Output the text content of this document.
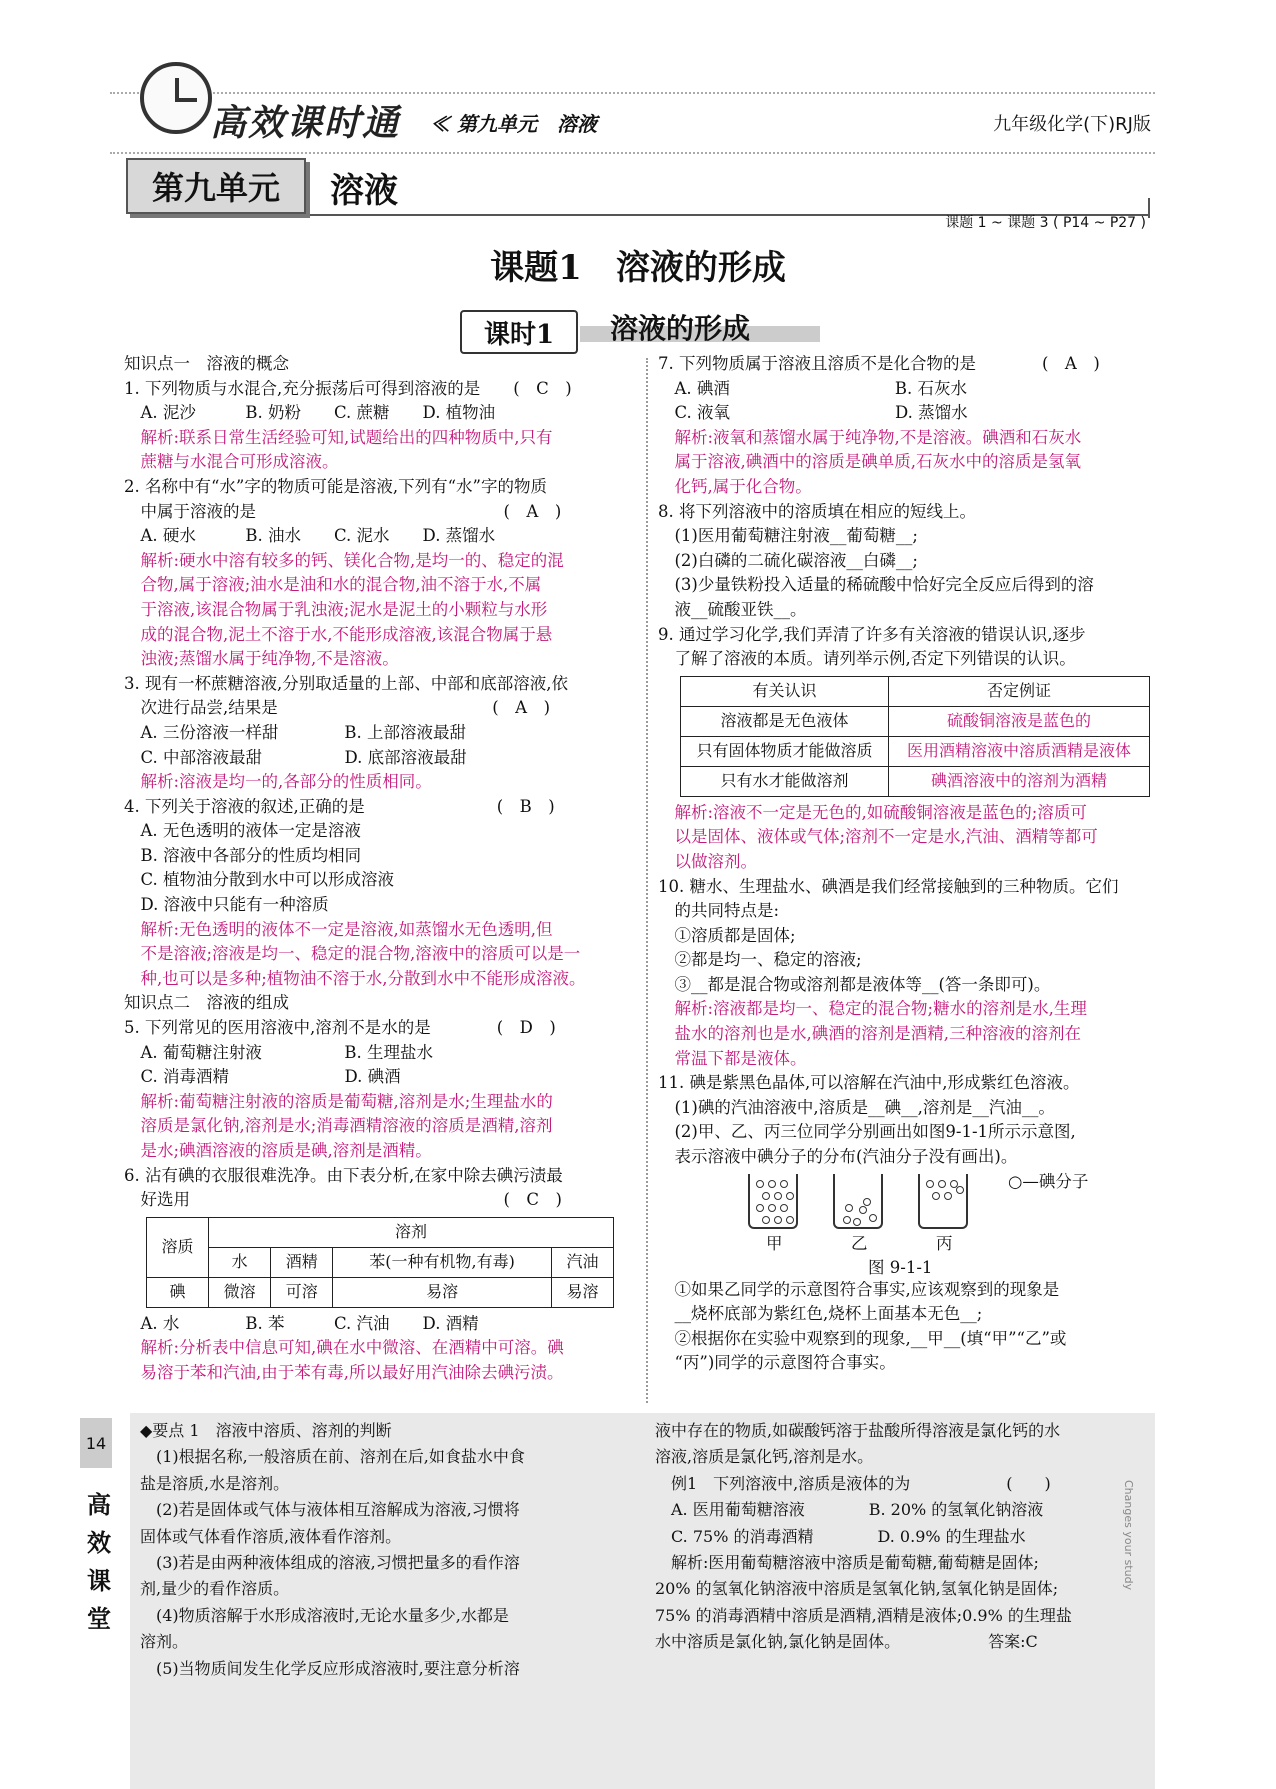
高效课时通 ≪ 第九单元　溶液	九年级化学(下)RJ版
第九单元	溶液
课题 1 ~ 课题 3 ( P14 ~ P27 )
课题1　溶液的形成
课时1	溶液的形成
知识点一　溶液的概念
1. 下列物质与水混合,充分振荡后可得到溶液的是　　(　C　)
　A. 泥沙　　　B. 奶粉　　C. 蔗糖　　D. 植物油
　解析:联系日常生活经验可知,试题给出的四种物质中,只有
　蔗糖与水混合可形成溶液。
2. 名称中有“水”字的物质可能是溶液,下列有“水”字的物质
　中属于溶液的是　　　　　　　　　　　　　　　(　A　)
　A. 硬水　　　B. 油水　　C. 泥水　　D. 蒸馏水
　解析:硬水中溶有较多的钙、镁化合物,是均一的、稳定的混
　合物,属于溶液;油水是油和水的混合物,油不溶于水,不属
　于溶液,该混合物属于乳浊液;泥水是泥土的小颗粒与水形
　成的混合物,泥土不溶于水,不能形成溶液,该混合物属于悬
　浊液;蒸馏水属于纯净物,不是溶液。
3. 现有一杯蔗糖溶液,分别取适量的上部、中部和底部溶液,依
　次进行品尝,结果是　　　　　　　　　　　　　(　A　)
　A. 三份溶液一样甜　　　　B. 上部溶液最甜
　C. 中部溶液最甜　　　　　D. 底部溶液最甜
　解析:溶液是均一的,各部分的性质相同。
4. 下列关于溶液的叙述,正确的是　　　　　　　　(　B　)
　A. 无色透明的液体一定是溶液
　B. 溶液中各部分的性质均相同
　C. 植物油分散到水中可以形成溶液
　D. 溶液中只能有一种溶质
　解析:无色透明的液体不一定是溶液,如蒸馏水无色透明,但
　不是溶液;溶液是均一、稳定的混合物,溶液中的溶质可以是一
　种,也可以是多种;植物油不溶于水,分散到水中不能形成溶液。
知识点二　溶液的组成
5. 下列常见的医用溶液中,溶剂不是水的是　　　　(　D　)
　A. 葡萄糖注射液　　　　　B. 生理盐水
　C. 消毒酒精　　　　　　　D. 碘酒
　解析:葡萄糖注射液的溶质是葡萄糖,溶剂是水;生理盐水的
　溶质是氯化钠,溶剂是水;消毒酒精溶液的溶质是酒精,溶剂
　是水;碘酒溶液的溶质是碘,溶剂是酒精。
6. 沾有碘的衣服很难洗净。由下表分析,在家中除去碘污渍最
　好选用　　　　　　　　　　　　　　　　　　　(　C　)
溶质	溶剂			
	水	酒精	苯(一种有机物,有毒)	汽油
碘	微溶	可溶	易溶	易溶
　A. 水　　　　B. 苯　　　C. 汽油　　D. 酒精
　解析:分析表中信息可知,碘在水中微溶、在酒精中可溶。碘
　易溶于苯和汽油,由于苯有毒,所以最好用汽油除去碘污渍。
7. 下列物质属于溶液且溶质不是化合物的是　　　　(　A　)
　A. 碘酒　　　　　　　　　　B. 石灰水
　C. 液氧　　　　　　　　　　D. 蒸馏水
　解析:液氧和蒸馏水属于纯净物,不是溶液。碘酒和石灰水
　属于溶液,碘酒中的溶质是碘单质,石灰水中的溶质是氢氧
　化钙,属于化合物。
8. 将下列溶液中的溶质填在相应的短线上。
　(1)医用葡萄糖注射液__葡萄糖__;
　(2)白磷的二硫化碳溶液__白磷__;
　(3)少量铁粉投入适量的稀硫酸中恰好完全反应后得到的溶
　液__硫酸亚铁__。
9. 通过学习化学,我们弄清了许多有关溶液的错误认识,逐步
　了解了溶液的本质。请列举示例,否定下列错误的认识。
有关认识	否定例证
溶液都是无色液体	硫酸铜溶液是蓝色的
只有固体物质才能做溶质	医用酒精溶液中溶质酒精是液体
只有水才能做溶剂	碘酒溶液中的溶剂为酒精
　解析:溶液不一定是无色的,如硫酸铜溶液是蓝色的;溶质可
　以是固体、液体或气体;溶剂不一定是水,汽油、酒精等都可
　以做溶剂。
10. 糖水、生理盐水、碘酒是我们经常接触到的三种物质。它们
　的共同特点是:
　①溶质都是固体;
　②都是均一、稳定的溶液;
　③__都是混合物或溶剂都是液体等__(答一条即可)。
　解析:溶液都是均一、稳定的混合物;糖水的溶剂是水,生理
　盐水的溶剂也是水,碘酒的溶剂是酒精,三种溶液的溶剂在
　常温下都是液体。
11. 碘是紫黑色晶体,可以溶解在汽油中,形成紫红色溶液。
　(1)碘的汽油溶液中,溶质是__碘__,溶剂是__汽油__。
　(2)甲、乙、丙三位同学分别画出如图9-1-1所示示意图,
　表示溶液中碘分子的分布(汽油分子没有画出)。
甲	乙	丙
○—碘分子
图 9-1-1
　①如果乙同学的示意图符合事实,应该观察到的现象是
　__烧杯底部为紫红色,烧杯上面基本无色__;
　②根据你在实验中观察到的现象,__甲__(填“甲”“乙”或
　“丙”)同学的示意图符合事实。
14
高效课堂
◆要点 1　溶液中溶质、溶剂的判断
　(1)根据名称,一般溶质在前、溶剂在后,如食盐水中食
盐是溶质,水是溶剂。
　(2)若是固体或气体与液体相互溶解成为溶液,习惯将
固体或气体看作溶质,液体看作溶剂。
　(3)若是由两种液体组成的溶液,习惯把量多的看作溶
剂,量少的看作溶质。
　(4)物质溶解于水形成溶液时,无论水量多少,水都是
溶剂。
　(5)当物质间发生化学反应形成溶液时,要注意分析溶
液中存在的物质,如碳酸钙溶于盐酸所得溶液是氯化钙的水
溶液,溶质是氯化钙,溶剂是水。
　例1　下列溶液中,溶质是液体的为　　　　　　(　　)
　A. 医用葡萄糖溶液　　　　B. 20% 的氢氧化钠溶液
　C. 75% 的消毒酒精　　　　D. 0.9% 的生理盐水
　解析:医用葡萄糖溶液中溶质是葡萄糖,葡萄糖是固体;
20% 的氢氧化钠溶液中溶质是氢氧化钠,氢氧化钠是固体;
75% 的消毒酒精中溶质是酒精,酒精是液体;0.9% 的生理盐
水中溶质是氯化钠,氯化钠是固体。　　　　　　答案:C
Changes your study
